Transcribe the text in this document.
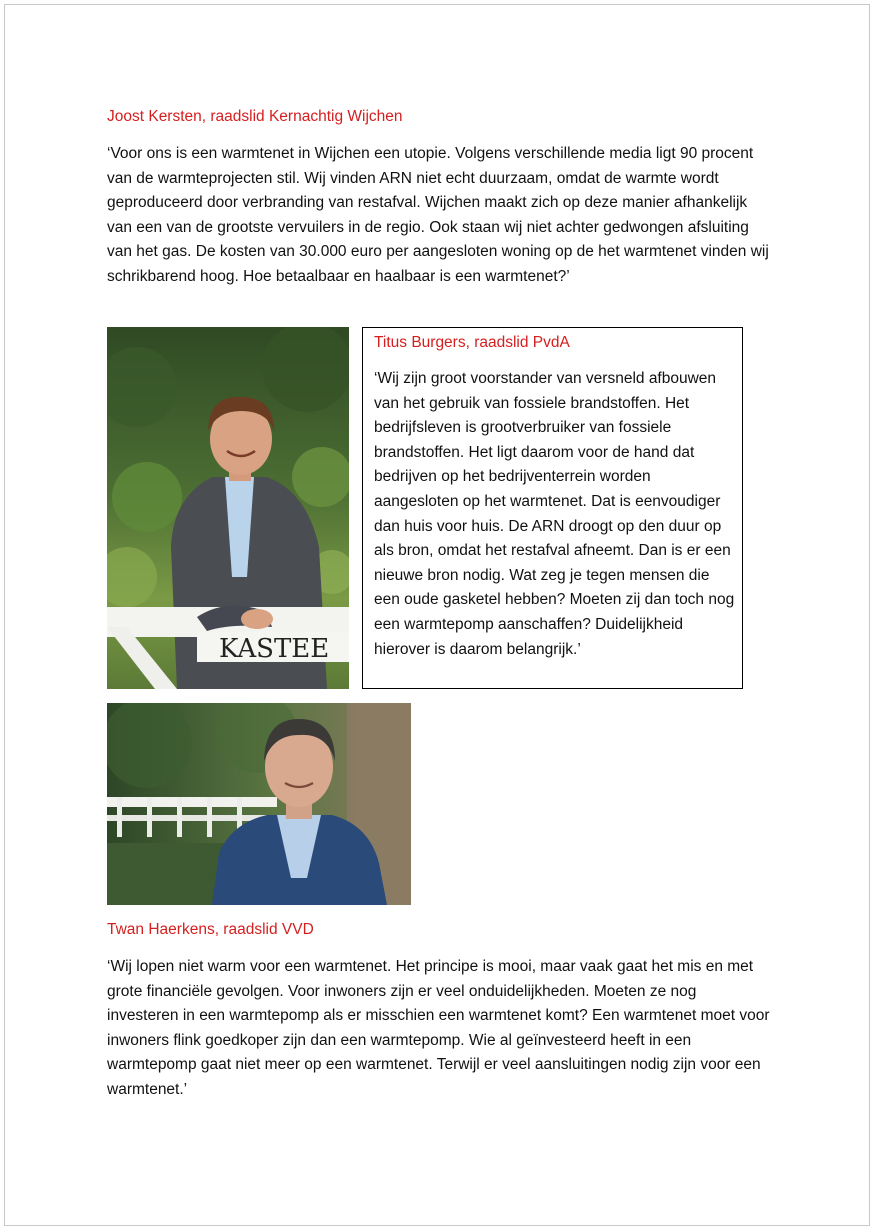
Joost Kersten, raadslid Kernachtig Wijchen

‘Voor ons is een warmtenet in Wijchen een utopie. Volgens verschillende media ligt 90 procent van de warmteprojecten stil. Wij vinden ARN niet echt duurzaam, omdat de warmte wordt geproduceerd door verbranding van restafval. Wijchen maakt zich op deze manier afhankelijk van een van de grootste vervuilers in de regio. Ook staan wij niet achter gedwongen afsluiting van het gas. De kosten van 30.000 euro per aangesloten woning op de het warmtenet vinden wij schrikbarend hoog. Hoe betaalbaar en haalbaar is een warmtenet?’

KASTEE

Titus Burgers, raadslid PvdA

‘Wij zijn groot voorstander van versneld afbouwen van het gebruik van fossiele brandstoffen. Het bedrijfsleven is grootverbruiker van fossiele brandstoffen. Het ligt daarom voor de hand dat bedrijven op het bedrijventerrein worden aangesloten op het warmtenet. Dat is eenvoudiger dan huis voor huis. De ARN droogt op den duur op als bron, omdat het restafval afneemt. Dan is er een nieuwe bron nodig. Wat zeg je tegen mensen die een oude gasketel hebben? Moeten zij dan toch nog een warmtepomp aanschaffen? Duidelijkheid hierover is daarom belangrijk.’

Twan Haerkens, raadslid VVD

‘Wij lopen niet warm voor een warmtenet. Het principe is mooi, maar vaak gaat het mis en met grote financiële gevolgen. Voor inwoners zijn er veel onduidelijkheden. Moeten ze nog investeren in een warmtepomp als er misschien een warmtenet komt? Een warmtenet moet voor inwoners flink goedkoper zijn dan een warmtepomp. Wie al geïnvesteerd heeft in een warmtepomp gaat niet meer op een warmtenet. Terwijl er veel aansluitingen nodig zijn voor een warmtenet.’
